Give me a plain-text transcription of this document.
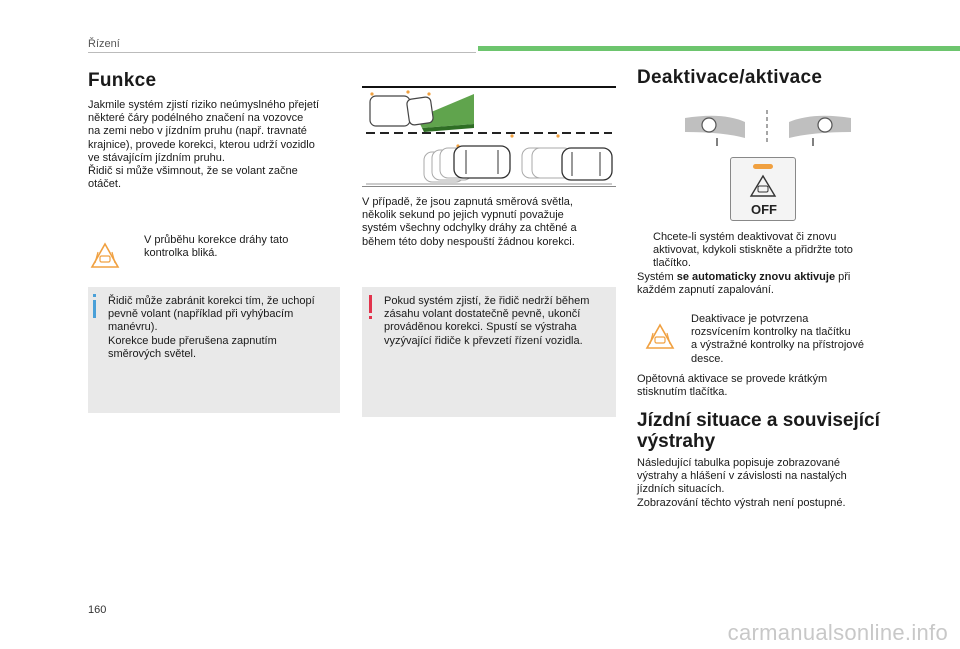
Řízení
Funkce
Jakmile systém zjistí riziko neúmyslného přejetí
některé čáry podélného značení na vozovce
na zemi nebo v jízdním pruhu (např. travnaté
krajnice), provede korekci, kterou udrží vozidlo
ve stávajícím jízdním pruhu.
Řidič si může všimnout, že se volant začne
otáčet.
V průběhu korekce dráhy tato
kontrolka bliká.
Řidič může zabránit korekci tím, že uchopí
pevně volant (například při vyhýbacím
manévru).
Korekce bude přerušena zapnutím
směrových světel.
V případě, že jsou zapnutá směrová světla,
několik sekund po jejich vypnutí považuje
systém všechny odchylky dráhy za chtěné a
během této doby nespouští žádnou korekci.
Pokud systém zjistí, že řidič nedrží během
zásahu volant dostatečně pevně, ukončí
prováděnou korekci. Spustí se výstraha
vyzývající řidiče k převzetí řízení vozidla.
Deaktivace/aktivace
OFF
Chcete-li systém deaktivovat či znovu
aktivovat, kdykoli stiskněte a přidržte toto
tlačítko.
Systém se automaticky znovu aktivuje při
každém zapnutí zapalování.
Deaktivace je potvrzena
rozsvícením kontrolky na tlačítku
a výstražné kontrolky na přístrojové
desce.
Opětovná aktivace se provede krátkým
stisknutím tlačítka.
Jízdní situace a související
výstrahy
Následující tabulka popisuje zobrazované
výstrahy a hlášení v závislosti na nastalých
jízdních situacích.
Zobrazování těchto výstrah není postupné.
160
carmanualsonline.info
